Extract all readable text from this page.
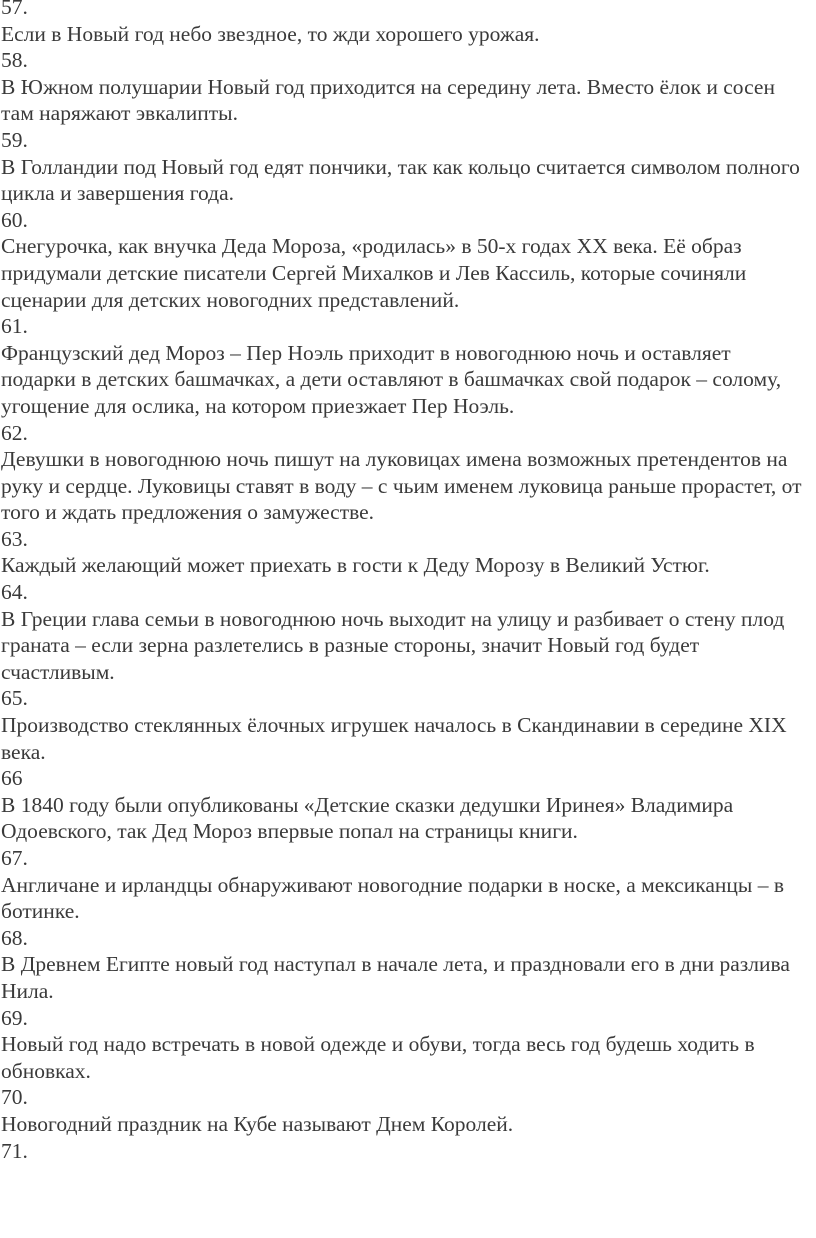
57.
Если в Новый год небо звездное, то жди хорошего урожая.
58.
В Южном полушарии Новый год приходится на середину лета. Вместо ёлок и сосен там наряжают эвкалипты.
59.
В Голландии под Новый год едят пончики, так как кольцо считается символом полного цикла и завершения года.
60.
Снегурочка, как внучка Деда Мороза, «родилась» в 50-х годах XX века. Её образ придумали детские писатели Сергей Михалков и Лев Кассиль, которые сочиняли сценарии для детских новогодних представлений.
61.
Французский дед Мороз – Пер Ноэль приходит в новогоднюю ночь и оставляет подарки в детских башмачках, а дети оставляют в башмачках свой подарок – солому, угощение для ослика, на котором приезжает Пер Ноэль.
62.
Девушки в новогоднюю ночь пишут на луковицах имена возможных претендентов на руку и сердце. Луковицы ставят в воду – с чьим именем луковица раньше прорастет, от того и ждать предложения о замужестве.
63.
Каждый желающий может приехать в гости к Деду Морозу в Великий Устюг.
64.
В Греции глава семьи в новогоднюю ночь выходит на улицу и разбивает о стену плод граната – если зерна разлетелись в разные стороны, значит Новый год будет счастливым.
65.
Производство стеклянных ёлочных игрушек началось в Скандинавии в середине XIX века.
66
В 1840 году были опубликованы «Детские сказки дедушки Иринея» Владимира Одоевского, так Дед Мороз впервые попал на страницы книги.
67.
Англичане и ирландцы обнаруживают новогодние подарки в носке, а мексиканцы – в ботинке.
68.
В Древнем Египте новый год наступал в начале лета, и праздновали его в дни разлива Нила.
69.
Новый год надо встречать в новой одежде и обуви, тогда весь год будешь ходить в обновках.
70.
Новогодний праздник на Кубе называют Днем Королей.
71.
